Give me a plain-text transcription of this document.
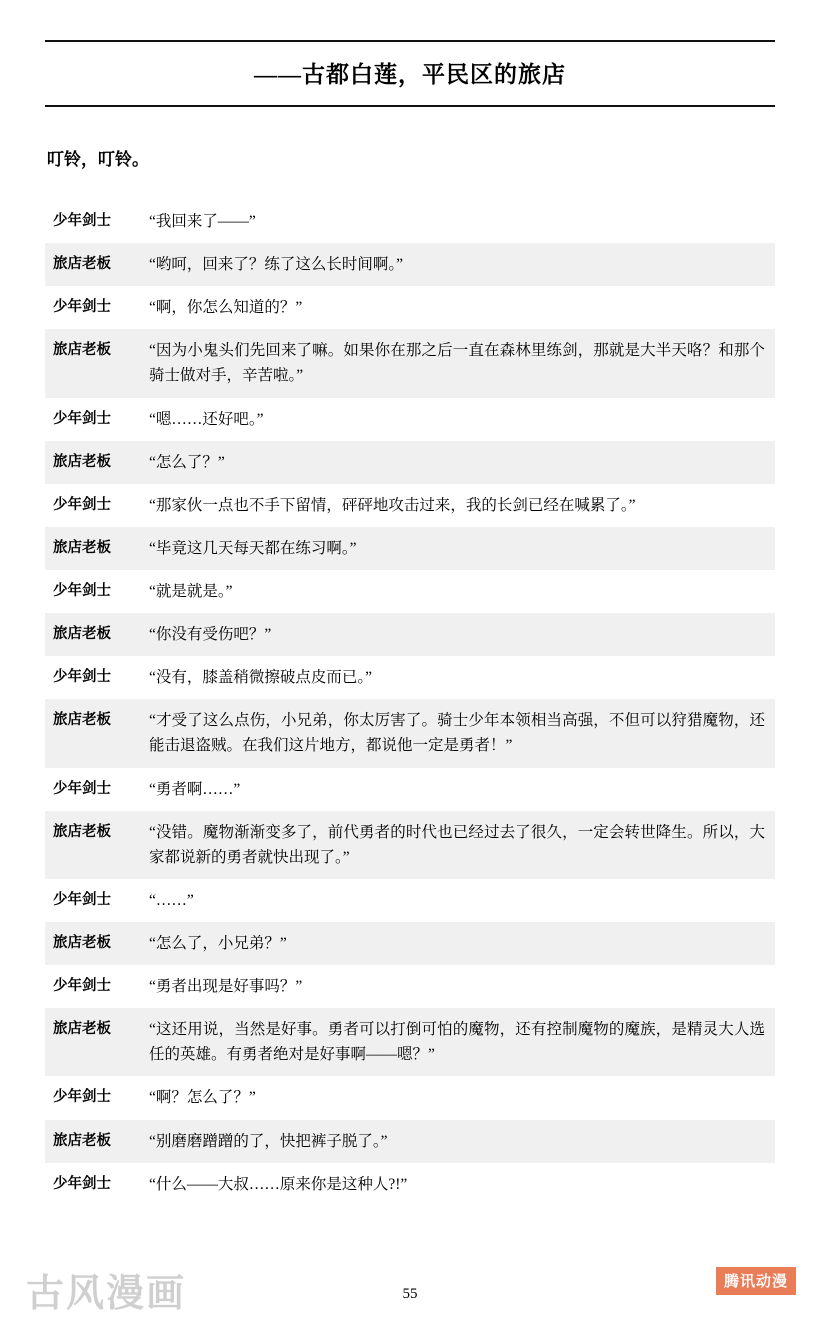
——古都白莲，平民区的旅店
叮铃，叮铃。
少年剑士	“我回来了——”
旅店老板	“哟呵，回来了？练了这么长时间啊。”
少年剑士	“啊，你怎么知道的？”
旅店老板	“因为小鬼头们先回来了嘛。如果你在那之后一直在森林里练剑，那就是大半天咯？和那个骑士做对手，辛苦啦。”
少年剑士	“嗯……还好吧。”
旅店老板	“怎么了？”
少年剑士	“那家伙一点也不手下留情，砰砰地攻击过来，我的长剑已经在喊累了。”
旅店老板	“毕竟这几天每天都在练习啊。”
少年剑士	“就是就是。”
旅店老板	“你没有受伤吧？”
少年剑士	“没有，膝盖稍微擦破点皮而已。”
旅店老板	“才受了这么点伤，小兄弟，你太厉害了。骑士少年本领相当高强，不但可以狩猎魔物，还能击退盗贼。在我们这片地方，都说他一定是勇者！”
少年剑士	“勇者啊……”
旅店老板	“没错。魔物渐渐变多了，前代勇者的时代也已经过去了很久，一定会转世降生。所以，大家都说新的勇者就快出现了。”
少年剑士	“……”
旅店老板	“怎么了，小兄弟？”
少年剑士	“勇者出现是好事吗？”
旅店老板	“这还用说，当然是好事。勇者可以打倒可怕的魔物，还有控制魔物的魔族，是精灵大人选任的英雄。有勇者绝对是好事啊——嗯？”
少年剑士	“啊？怎么了？”
旅店老板	“别磨磨蹭蹭的了，快把裤子脱了。”
少年剑士	“什么——大叔……原来你是这种人?!”
古风漫画	55
腾讯动漫
